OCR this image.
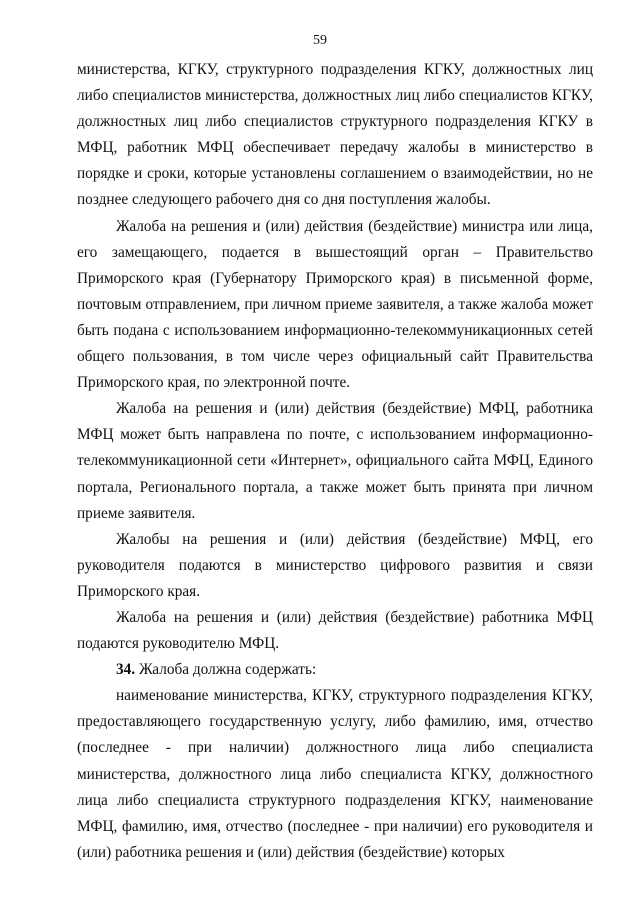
59

министерства, КГКУ, структурного подразделения КГКУ, должностных лиц либо специалистов министерства, должностных лиц либо специалистов КГКУ, должностных лиц либо специалистов структурного подразделения КГКУ в МФЦ, работник МФЦ обеспечивает передачу жалобы в министерство в порядке и сроки, которые установлены соглашением о взаимодействии, но не позднее следующего рабочего дня со дня поступления жалобы.

Жалоба на решения и (или) действия (бездействие) министра или лица, его замещающего, подается в вышестоящий орган – Правительство Приморского края (Губернатору Приморского края) в письменной форме, почтовым отправлением, при личном приеме заявителя, а также жалоба может быть подана с использованием информационно-телекоммуникационных сетей общего пользования, в том числе через официальный сайт Правительства Приморского края, по электронной почте.

Жалоба на решения и (или) действия (бездействие) МФЦ, работника МФЦ может быть направлена по почте, с использованием информационно-телекоммуникационной сети «Интернет», официального сайта МФЦ, Единого портала, Регионального портала, а также может быть принята при личном приеме заявителя.

Жалобы на решения и (или) действия (бездействие) МФЦ, его руководителя подаются в министерство цифрового развития и связи Приморского края.

Жалоба на решения и (или) действия (бездействие) работника МФЦ подаются руководителю МФЦ.

34. Жалоба должна содержать:

наименование министерства, КГКУ, структурного подразделения КГКУ, предоставляющего государственную услугу, либо фамилию, имя, отчество (последнее - при наличии) должностного лица либо специалиста министерства, должностного лица либо специалиста КГКУ, должностного лица либо специалиста структурного подразделения КГКУ, наименование МФЦ, фамилию, имя, отчество (последнее - при наличии) его руководителя и (или) работника решения и (или) действия (бездействие) которых
